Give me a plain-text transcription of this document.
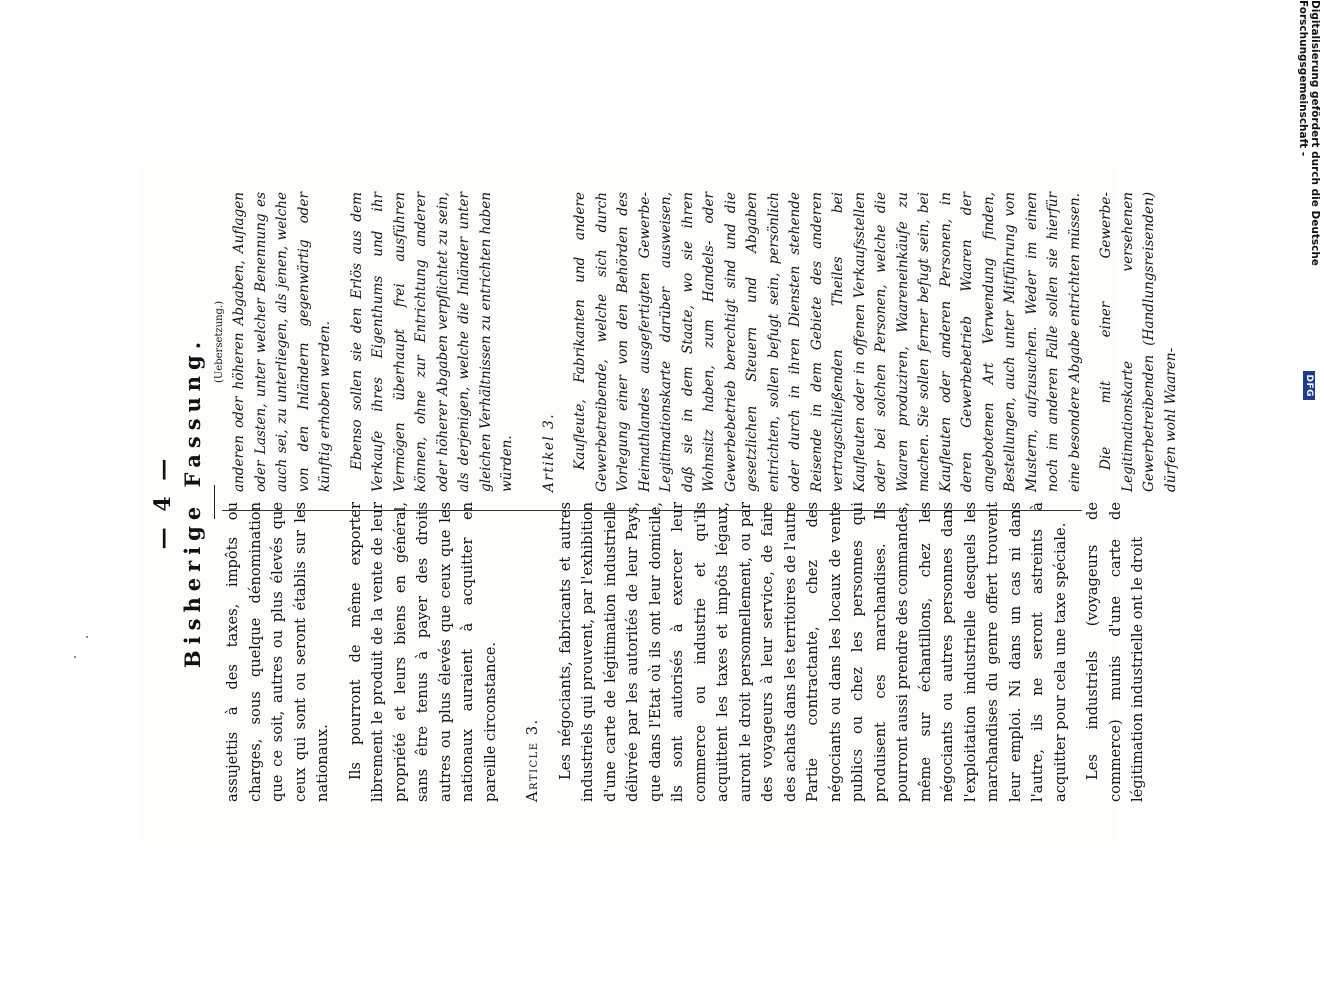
— 4 — Bisherige Fassung. assujettis à des taxes, impôts ou charges, sous quelque dénomination que ce soit, autres ou plus élevés que ceux qui sont ou seront établis sur les nationaux. Ils pourront de même exporter librement le produit de la vente de leur propriété et leurs biens en général, sans être tenus à payer des droits autres ou plus élevés que ceux que les nationaux auraient à acquitter en pareille circonstance. Article 3. Les négociants, fabricants et autres industriels qui prouvent, par l'exhibition d'une carte de légitimation industrielle délivrée par les autorités de leur Pays, que dans l'Etat où ils ont leur domicile, ils sont autorisés à exercer leur commerce ou industrie et qu'ils acquittent les taxes et impôts légaux, auront le droit personnellement, ou par des voyageurs à leur service, de faire des achats dans les territoires de l'autre Partie contractante, chez des négociants ou dans les locaux de vente publics ou chez les personnes qui produisent ces marchandises. Ils pourront aussi prendre des commandes, même sur échantillons, chez les négociants ou autres personnes dans l'exploitation industrielle desquels les marchandises du genre offert trouvent leur emploi. Ni dans un cas ni dans l'autre, ils ne seront astreints à acquitter pour cela une taxe spéciale. Les industriels (voyageurs de commerce) munis d'une carte de légitimation industrielle ont le droit

(Uebersetzung.) anderen oder höheren Abgaben, Auflagen oder Lasten, unter welcher Benennung es auch sei, zu unterliegen, als jenen, welche von den Inländern gegenwärtig oder künftig erhoben werden. Ebenso sollen sie den Erlös aus dem Verkaufe ihres Eigenthums und ihr Vermögen überhaupt frei ausführen können, ohne zur Entrichtung anderer oder höherer Abgaben verpflichtet zu sein, als derjenigen, welche die Inländer unter gleichen Verhältnissen zu entrichten haben würden. Artikel 3. Kaufleute, Fabrikanten und andere Gewerbetreibende, welche sich durch Vorlegung einer von den Behörden des Heimathlandes ausgefertigten Gewerbe-Legitimationskarte darüber ausweisen, daß sie in dem Staate, wo sie ihren Wohnsitz haben, zum Handels- oder Gewerbebetrieb berechtigt sind und die gesetzlichen Steuern und Abgaben entrichten, sollen befugt sein, persönlich oder durch in ihren Diensten stehende Reisende in dem Gebiete des anderen vertragschließenden Theiles bei Kaufleuten oder in offenen Verkaufsstellen oder bei solchen Personen, welche die Waaren produziren, Waareneinkäufe zu machen. Sie sollen ferner befugt sein, bei Kaufleuten oder anderen Personen, in deren Gewerbebetrieb Waaren der angebotenen Art Verwendung finden, Bestellungen, auch unter Mitführung von Mustern, aufzusuchen. Weder im einen noch im anderen Falle sollen sie hierfür eine besondere Abgabe entrichten müssen. Die mit einer Gewerbe-Legitimationskarte versehenen Gewerbetreibenden (Handlungsreisenden) dürfen wohl Waaren-

Digitalisierung gefördert durch die Deutsche Forschungsgemeinschaft -
DFG
